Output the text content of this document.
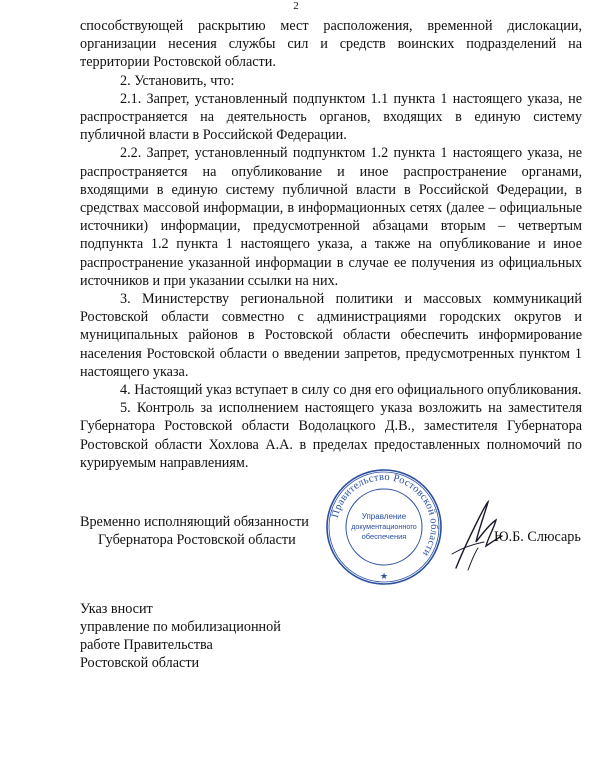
2

способствующей раскрытию мест расположения, временной дислокации, организации несения службы сил и средств воинских подразделений на территории Ростовской области.

2. Установить, что:

2.1. Запрет, установленный подпунктом 1.1 пункта 1 настоящего указа, не распространяется на деятельность органов, входящих в единую систему публичной власти в Российской Федерации.

2.2. Запрет, установленный подпунктом 1.2 пункта 1 настоящего указа, не распространяется на опубликование и иное распространение органами, входящими в единую систему публичной власти в Российской Федерации, в средствах массовой информации, в информационных сетях (далее – официальные источники) информации, предусмотренной абзацами вторым – четвертым подпункта 1.2 пункта 1 настоящего указа, а также на опубликование и иное распространение указанной информации в случае ее получения из официальных источников и при указании ссылки на них.

3. Министерству региональной политики и массовых коммуникаций Ростовской области совместно с администрациями городских округов и муниципальных районов в Ростовской области обеспечить информирование населения Ростовской области о введении запретов, предусмотренных пунктом 1 настоящего указа.

4. Настоящий указ вступает в силу со дня его официального опубликования.

5. Контроль за исполнением настоящего указа возложить на заместителя Губернатора Ростовской области Водолацкого Д.В., заместителя Губернатора Ростовской области Хохлова А.А. в пределах предоставленных полномочий по курируемым направлениям.

Временно исполняющий обязанности
Губернатора Ростовской области
Правительство Ростовской области
Управление
документационного
обеспечения
★
Ю.Б. Слюсарь
Указ вносит
управление по мобилизационной
работе Правительства
Ростовской области
